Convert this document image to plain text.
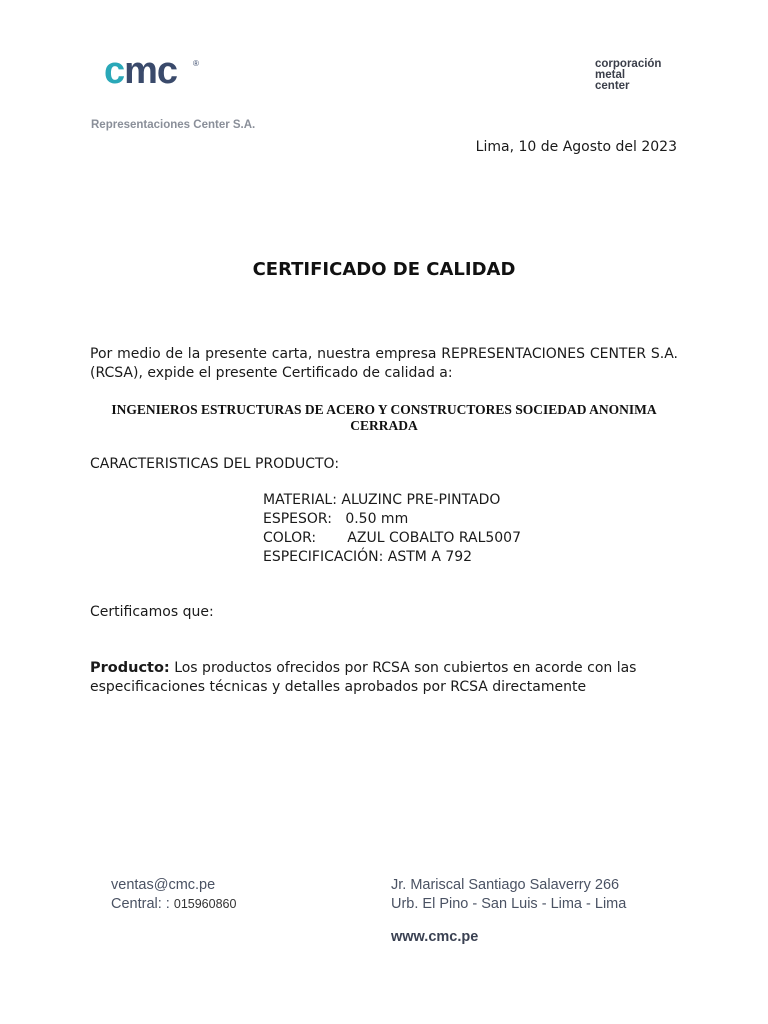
cmc ®
Representaciones Center S.A.
corporación
metal
center
Lima, 10 de Agosto del 2023
CERTIFICADO DE CALIDAD
Por medio de la presente carta, nuestra empresa REPRESENTACIONES CENTER S.A. (RCSA), expide el presente Certificado de calidad a:
INGENIEROS ESTRUCTURAS DE ACERO Y CONSTRUCTORES SOCIEDAD ANONIMA
CERRADA
CARACTERISTICAS DEL PRODUCTO:
MATERIAL: ALUZINC PRE-PINTADO
ESPESOR: 0.50 mm
COLOR: AZUL COBALTO RAL5007
ESPECIFICACIÓN: ASTM A 792
Certificamos que:
Producto: Los productos ofrecidos por RCSA son cubiertos en acorde con las especificaciones técnicas y detalles aprobados por RCSA directamente
ventas@cmc.pe
Central: : 015960860
Jr. Mariscal Santiago Salaverry 266
Urb. El Pino - San Luis - Lima - Lima
www.cmc.pe
